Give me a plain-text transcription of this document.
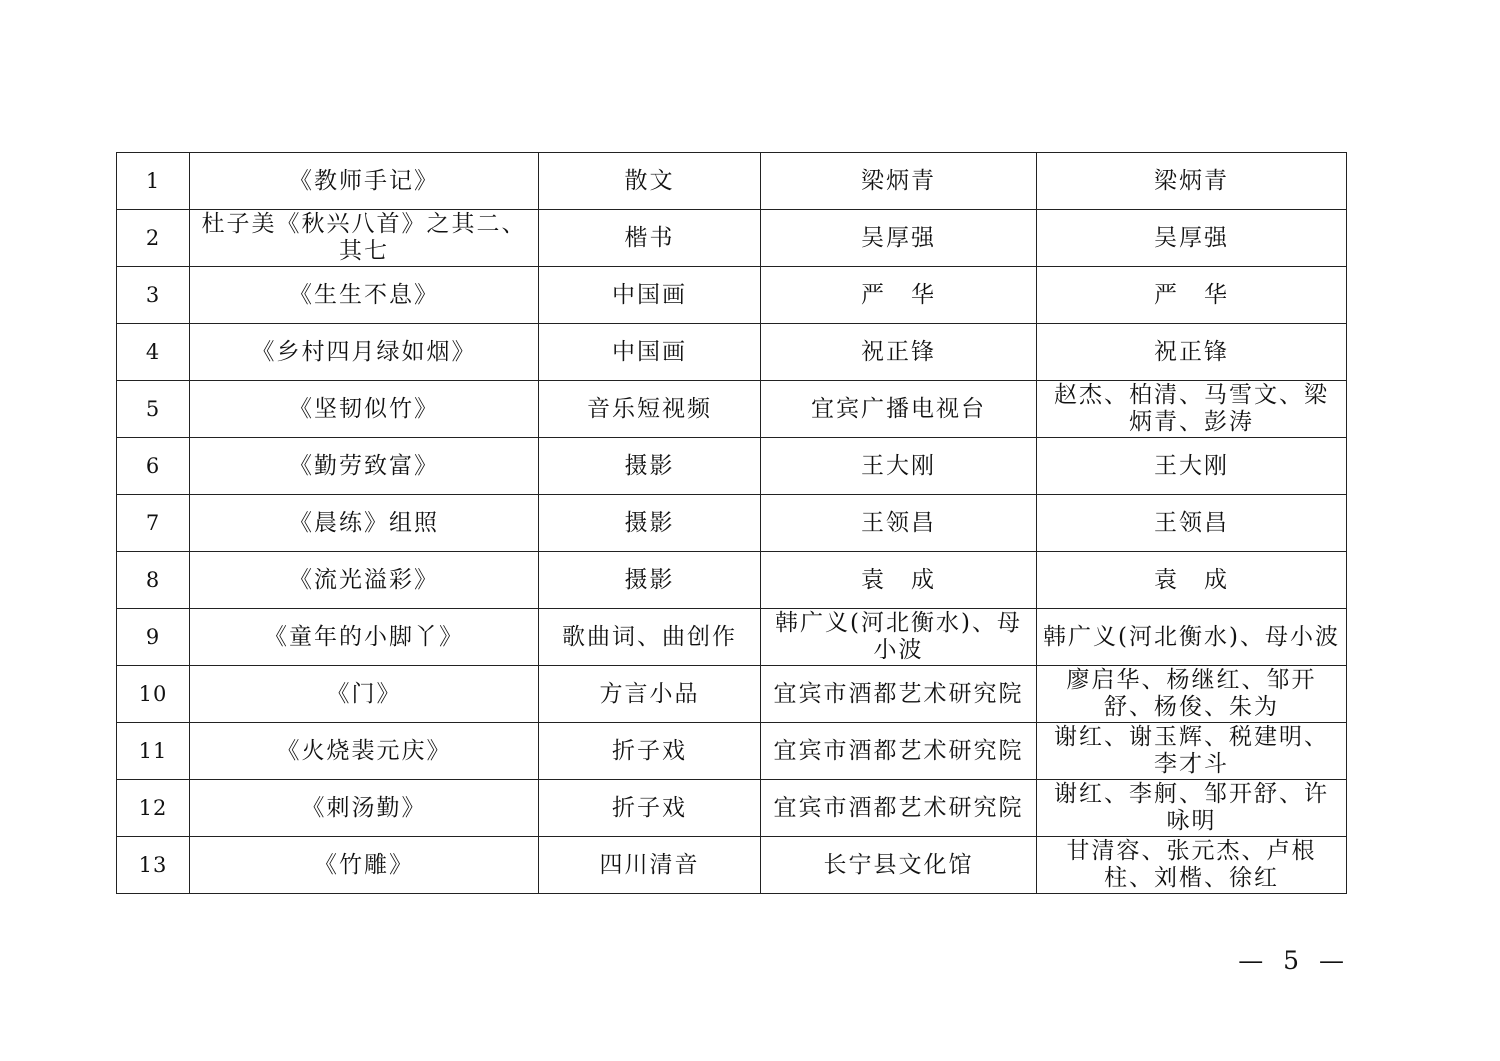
1	《教师手记》	散文	梁炳青	梁炳青
2	杜子美《秋兴八首》之其二、其七	楷书	吴厚强	吴厚强
3	《生生不息》	中国画	严　华	严　华
4	《乡村四月绿如烟》	中国画	祝正锋	祝正锋
5	《坚韧似竹》	音乐短视频	宜宾广播电视台	赵杰、柏清、马雪文、梁炳青、彭涛
6	《勤劳致富》	摄影	王大刚	王大刚
7	《晨练》组照	摄影	王领昌	王领昌
8	《流光溢彩》	摄影	袁　成	袁　成
9	《童年的小脚丫》	歌曲词、曲创作	韩广义(河北衡水)、母小波	韩广义(河北衡水)、母小波
10	《门》	方言小品	宜宾市酒都艺术研究院	廖启华、杨继红、邹开舒、杨俊、朱为
11	《火烧裴元庆》	折子戏	宜宾市酒都艺术研究院	谢红、谢玉辉、税建明、李才斗
12	《刺汤勤》	折子戏	宜宾市酒都艺术研究院	谢红、李舸、邹开舒、许咏明
13	《竹雕》	四川清音	长宁县文化馆	甘清容、张元杰、卢根柱、刘楷、徐红
— 5 —
